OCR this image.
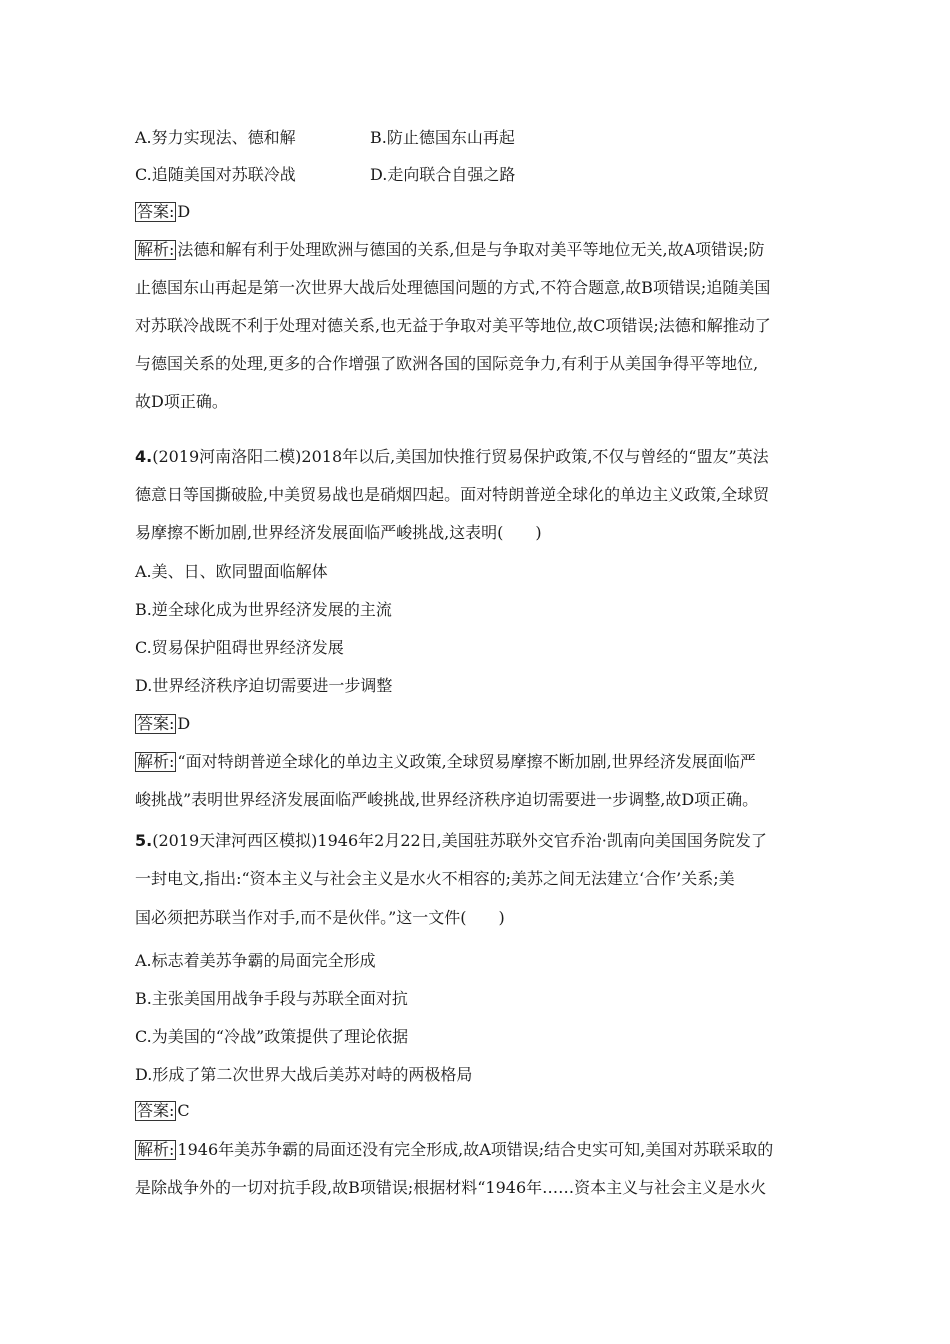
A.努力实现法、德和解	B.防止德国东山再起
C.追随美国对苏联冷战	D.走向联合自强之路
答案: D
解析: 法德和解有利于处理欧洲与德国的关系,但是与争取对美平等地位无关,故A项错误;防
止德国东山再起是第一次世界大战后处理德国问题的方式,不符合题意,故B项错误;追随美国
对苏联冷战既不利于处理对德关系,也无益于争取对美平等地位,故C项错误;法德和解推动了
与德国关系的处理,更多的合作增强了欧洲各国的国际竞争力,有利于从美国争得平等地位,
故D项正确。
4.(2019河南洛阳二模)2018年以后,美国加快推行贸易保护政策,不仅与曾经的“盟友”英法
德意日等国撕破脸,中美贸易战也是硝烟四起。面对特朗普逆全球化的单边主义政策,全球贸
易摩擦不断加剧,世界经济发展面临严峻挑战,这表明(　　)
A.美、日、欧同盟面临解体
B.逆全球化成为世界经济发展的主流
C.贸易保护阻碍世界经济发展
D.世界经济秩序迫切需要进一步调整
答案: D
解析: “面对特朗普逆全球化的单边主义政策,全球贸易摩擦不断加剧,世界经济发展面临严
峻挑战”表明世界经济发展面临严峻挑战,世界经济秩序迫切需要进一步调整,故D项正确。
5.(2019天津河西区模拟)1946年2月22日,美国驻苏联外交官乔治·凯南向美国国务院发了
一封电文,指出:“资本主义与社会主义是水火不相容的;美苏之间无法建立‘合作’关系;美
国必须把苏联当作对手,而不是伙伴。”这一文件(　　)
A.标志着美苏争霸的局面完全形成
B.主张美国用战争手段与苏联全面对抗
C.为美国的“冷战”政策提供了理论依据
D.形成了第二次世界大战后美苏对峙的两极格局
答案: C
解析: 1946年美苏争霸的局面还没有完全形成,故A项错误;结合史实可知,美国对苏联采取的
是除战争外的一切对抗手段,故B项错误;根据材料“1946年……资本主义与社会主义是水火
